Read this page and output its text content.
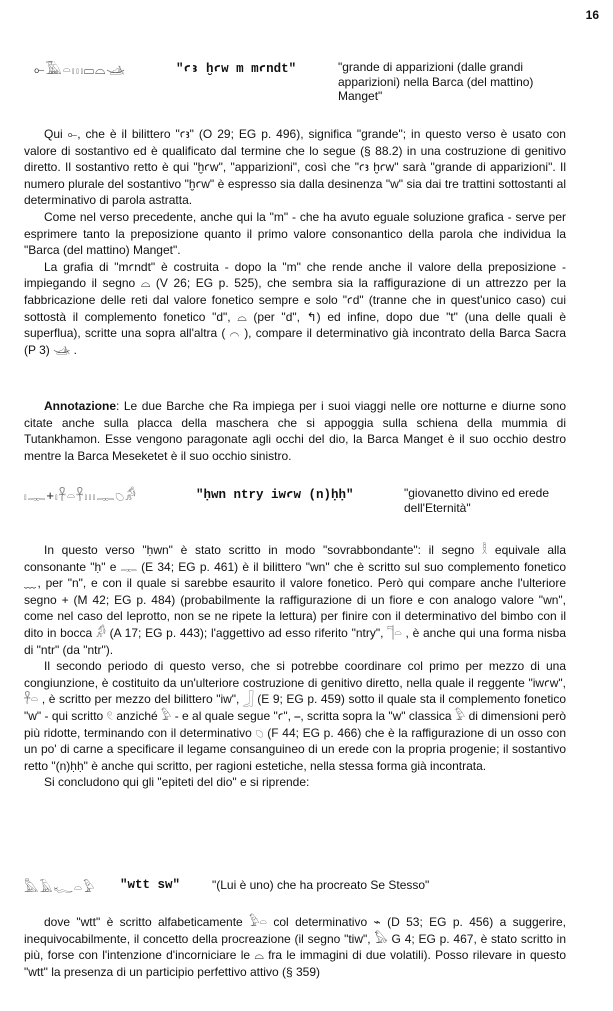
16
⟜𓅀𓏏𓏥▭⌓𓊛	"ꜥꜣ ḫꜥw m mꜥndt"	"grande di apparizioni (dalle grandi apparizioni) nella Barca (del mattino) Manget"

Qui ⟜, che è il bilittero "ꜥꜣ" (O 29; EG p. 496), significa "grande"; in questo verso è usato con valore di sostantivo ed è qualificato dal termine che lo segue (§ 88.2) in una costruzione di genitivo diretto. Il sostantivo retto è qui "ḫꜥw", "apparizioni", così che "ꜥꜣ ḫꜥw" sarà "grande di apparizioni". Il numero plurale del sostantivo "ḫꜥw" è espresso sia dalla desinenza "w" sia dai tre trattini sottostanti al determinativo di parola astratta.

Come nel verso precedente, anche qui la "m" - che ha avuto eguale soluzione grafica - serve per esprimere tanto la preposizione quanto il primo valore consonantico della parola che individua la "Barca (del mattino) Manget".

La grafia di "mꜥndt" è costruita - dopo la "m" che rende anche il valore della preposizione - impiegando il segno ⌓ (V 26; EG p. 525), che sembra sia la raffigurazione di un attrezzo per la fabbricazione delle reti dal valore fonetico sempre e solo "ꜥd" (tranne che in quest'unico caso) cui sottostà il complemento fonetico "d", ⌓ (per "d", ↰) ed infine, dopo due "t" (una delle quali è superflua), scritte una sopra all'altra ( ⌒ ), compare il determinativo già incontrato della Barca Sacra (P 3) 𓊛 .

Annotazione: Le due Barche che Ra impiega per i suoi viaggi nelle ore notturne e diurne sono citate anche sulla placca della maschera che si appoggia sulla schiena della mummia di Tutankhamon. Esse vengono paragonate agli occhi del dio, la Barca Manget è il suo occhio destro mentre la Barca Meseketet è il suo occhio sinistro.

𓏤𓊃+𓏤𓋹𓏏𓋹𓏥𓊃𓆇𓀔	"ḥwn ntry iwꜥw (n)ḥḥ"	"giovanetto divino ed erede dell'Eternità"

In questo verso "ḥwn" è stato scritto in modo "sovrabbondante": il segno 𓎛 equivale alla consonante "ḥ" e 𓊃 (E 34; EG p. 461) è il bilittero "wn" che è scritto sul suo complemento fonetico ﹏, per "n", e con il quale si sarebbe esaurito il valore fonetico. Però qui compare anche l'ulteriore segno + (M 42; EG p. 484) (probabilmente la raffigurazione di un fiore e con analogo valore "wn", come nel caso del leprotto, non se ne ripete la lettura) per finire con il determinativo del bimbo con il dito in bocca 𓀔 (A 17; EG p. 443); l'aggettivo ad esso riferito "ntry", 𓊹𓏏 , è anche qui una forma nisba di "ntr" (da "ntr").

Il secondo periodo di questo verso, che si potrebbe coordinare col primo per mezzo di una congiunzione, è costituito da un'ulteriore costruzione di genitivo diretto, nella quale il reggente "iwꜥw", 𓋹𓏏 , è scritto per mezzo del bilittero "iw", 𓃀 (E 9; EG p. 459) sotto il quale sta il complemento fonetico "w" - qui scritto 𓏲 anziché 𓅱 - e al quale segue "ꜥ", ⎯, scritta sopra la "w" classica 𓅱 di dimensioni però più ridotte, terminando con il determinativo 𓆇 (F 44; EG p. 466) che è la raffigurazione di un osso con un po' di carne a specificare il legame consanguineo di un erede con la propria progenie; il sostantivo retto "(n)ḥḥ" è anche qui scritto, per ragioni estetiche, nella stessa forma già incontrata.

Si concludono qui gli "epiteti del dio" e si riprende:

𓅓𓄿𓆑𓏏𓅱 "wtt sw"	"(Lui è uno) che ha procreato Se Stesso"

dove "wtt" è scritto alfabeticamente 𓅱𓏏 col determinativo ⌁ (D 53; EG p. 456) a suggerire, inequivocabilmente, il concetto della procreazione (il segno "tiw", 𓅃 G 4; EG p. 467, è stato scritto in più, forse con l'intenzione d'incorniciare le ⌓ fra le immagini di due volatili). Posso rilevare in questo "wtt" la presenza di un participio perfettivo attivo (§ 359)
